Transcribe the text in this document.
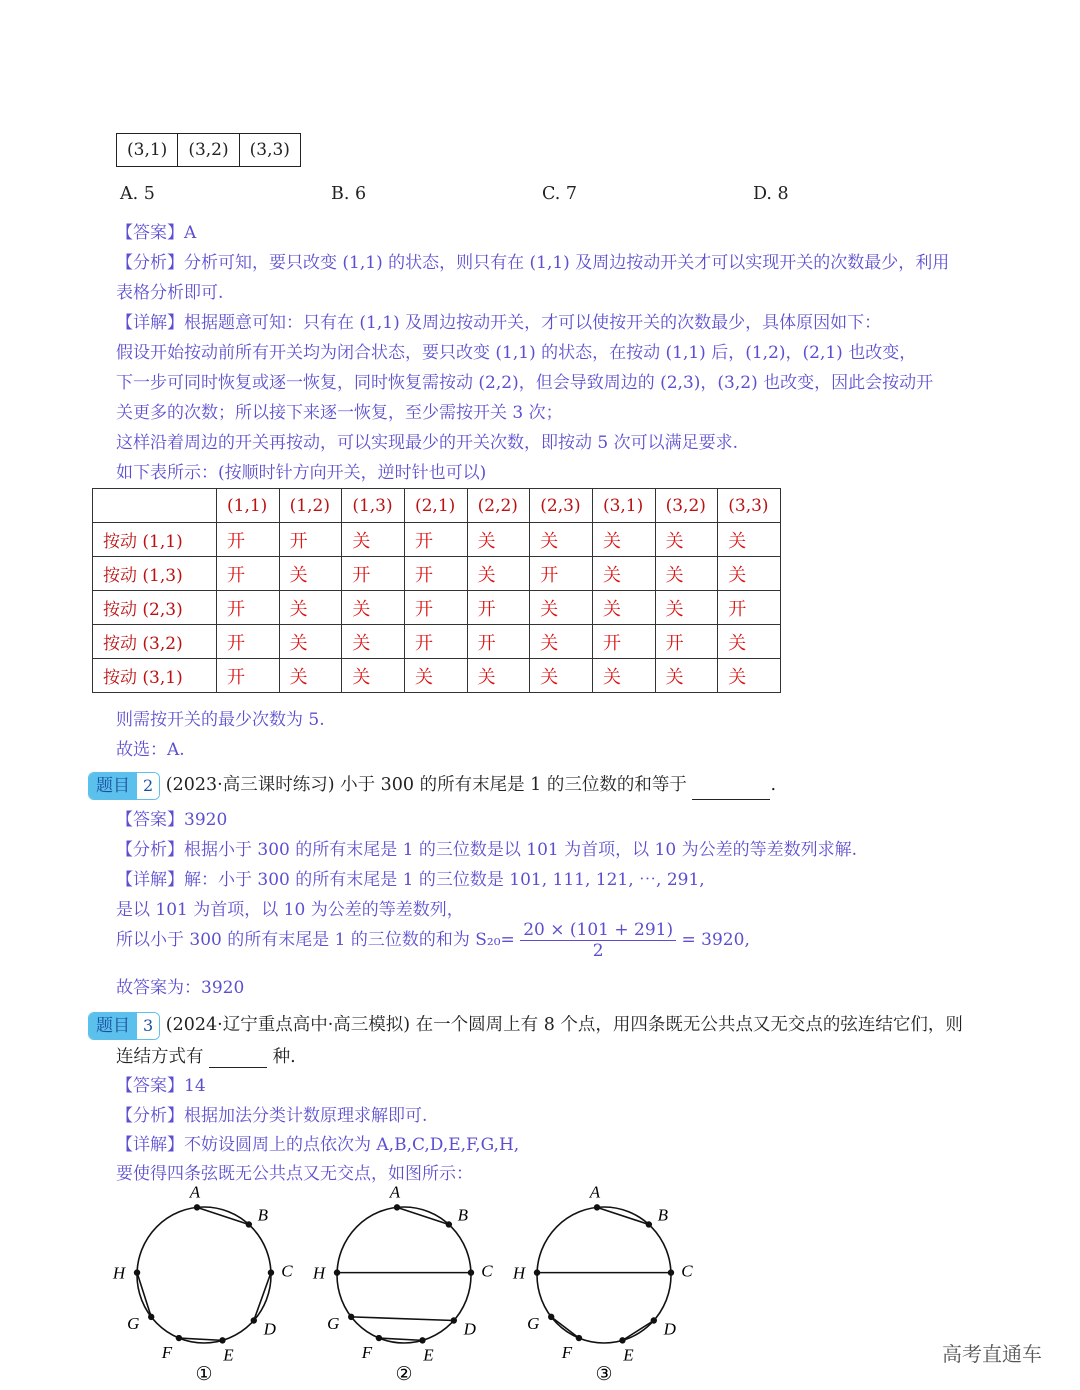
(3,1)	(3,2)	(3,3)
A. 5	B. 6	C. 7	D. 8
【答案】A
【分析】分析可知，要只改变 (1,1) 的状态，则只有在 (1,1) 及周边按动开关才可以实现开关的次数最少，利用
表格分析即可.
【详解】根据题意可知：只有在 (1,1) 及周边按动开关，才可以使按开关的次数最少，具体原因如下：
假设开始按动前所有开关均为闭合状态，要只改变 (1,1) 的状态，在按动 (1,1) 后，(1,2)，(2,1) 也改变，
下一步可同时恢复或逐一恢复，同时恢复需按动 (2,2)，但会导致周边的 (2,3)，(3,2) 也改变，因此会按动开
关更多的次数；所以接下来逐一恢复，至少需按开关 3 次；
这样沿着周边的开关再按动，可以实现最少的开关次数，即按动 5 次可以满足要求.
如下表所示：(按顺时针方向开关，逆时针也可以)
	(1,1)	(1,2)	(1,3)	(2,1)	(2,2)	(2,3)	(3,1)	(3,2)	(3,3)
按动 (1,1)	开	开	关	开	关	关	关	关	关
按动 (1,3)	开	关	开	开	关	开	关	关	关
按动 (2,3)	开	关	关	开	开	关	关	关	开
按动 (3,2)	开	关	关	开	开	关	开	开	关
按动 (3,1)	开	关	关	关	关	关	关	关	关
则需按开关的最少次数为 5.
故选：A.
题目 2 (2023·高三课时练习) 小于 300 的所有末尾是 1 的三位数的和等于	.
【答案】3920
【分析】根据小于 300 的所有末尾是 1 的三位数是以 101 为首项，以 10 为公差的等差数列求解.
【详解】解：小于 300 的所有末尾是 1 的三位数是 101, 111, 121, ⋯, 291,
是以 101 为首项，以 10 为公差的等差数列，
所以小于 300 的所有末尾是 1 的三位数的和为 $S_{20}= \frac{20 \times (101 + 291)}{2} = 3920$,
故答案为：3920
题目 3 (2024·辽宁重点高中·高三模拟) 在一个圆周上有 8 个点，用四条既无公共点又无交点的弦连结它们，则
连结方式有	种.
【答案】14
【分析】根据加法分类计数原理求解即可.
【详解】不妨设圆周上的点依次为 A,B,C,D,E,F,G,H,
要使得四条弦既无公共点又无交点，如图所示：
A
B
C
D
E
F
G
H
①
A
B
C
D
E
F
G
H
②
A
B
C
D
E
F
G
H
③
高考直通车
